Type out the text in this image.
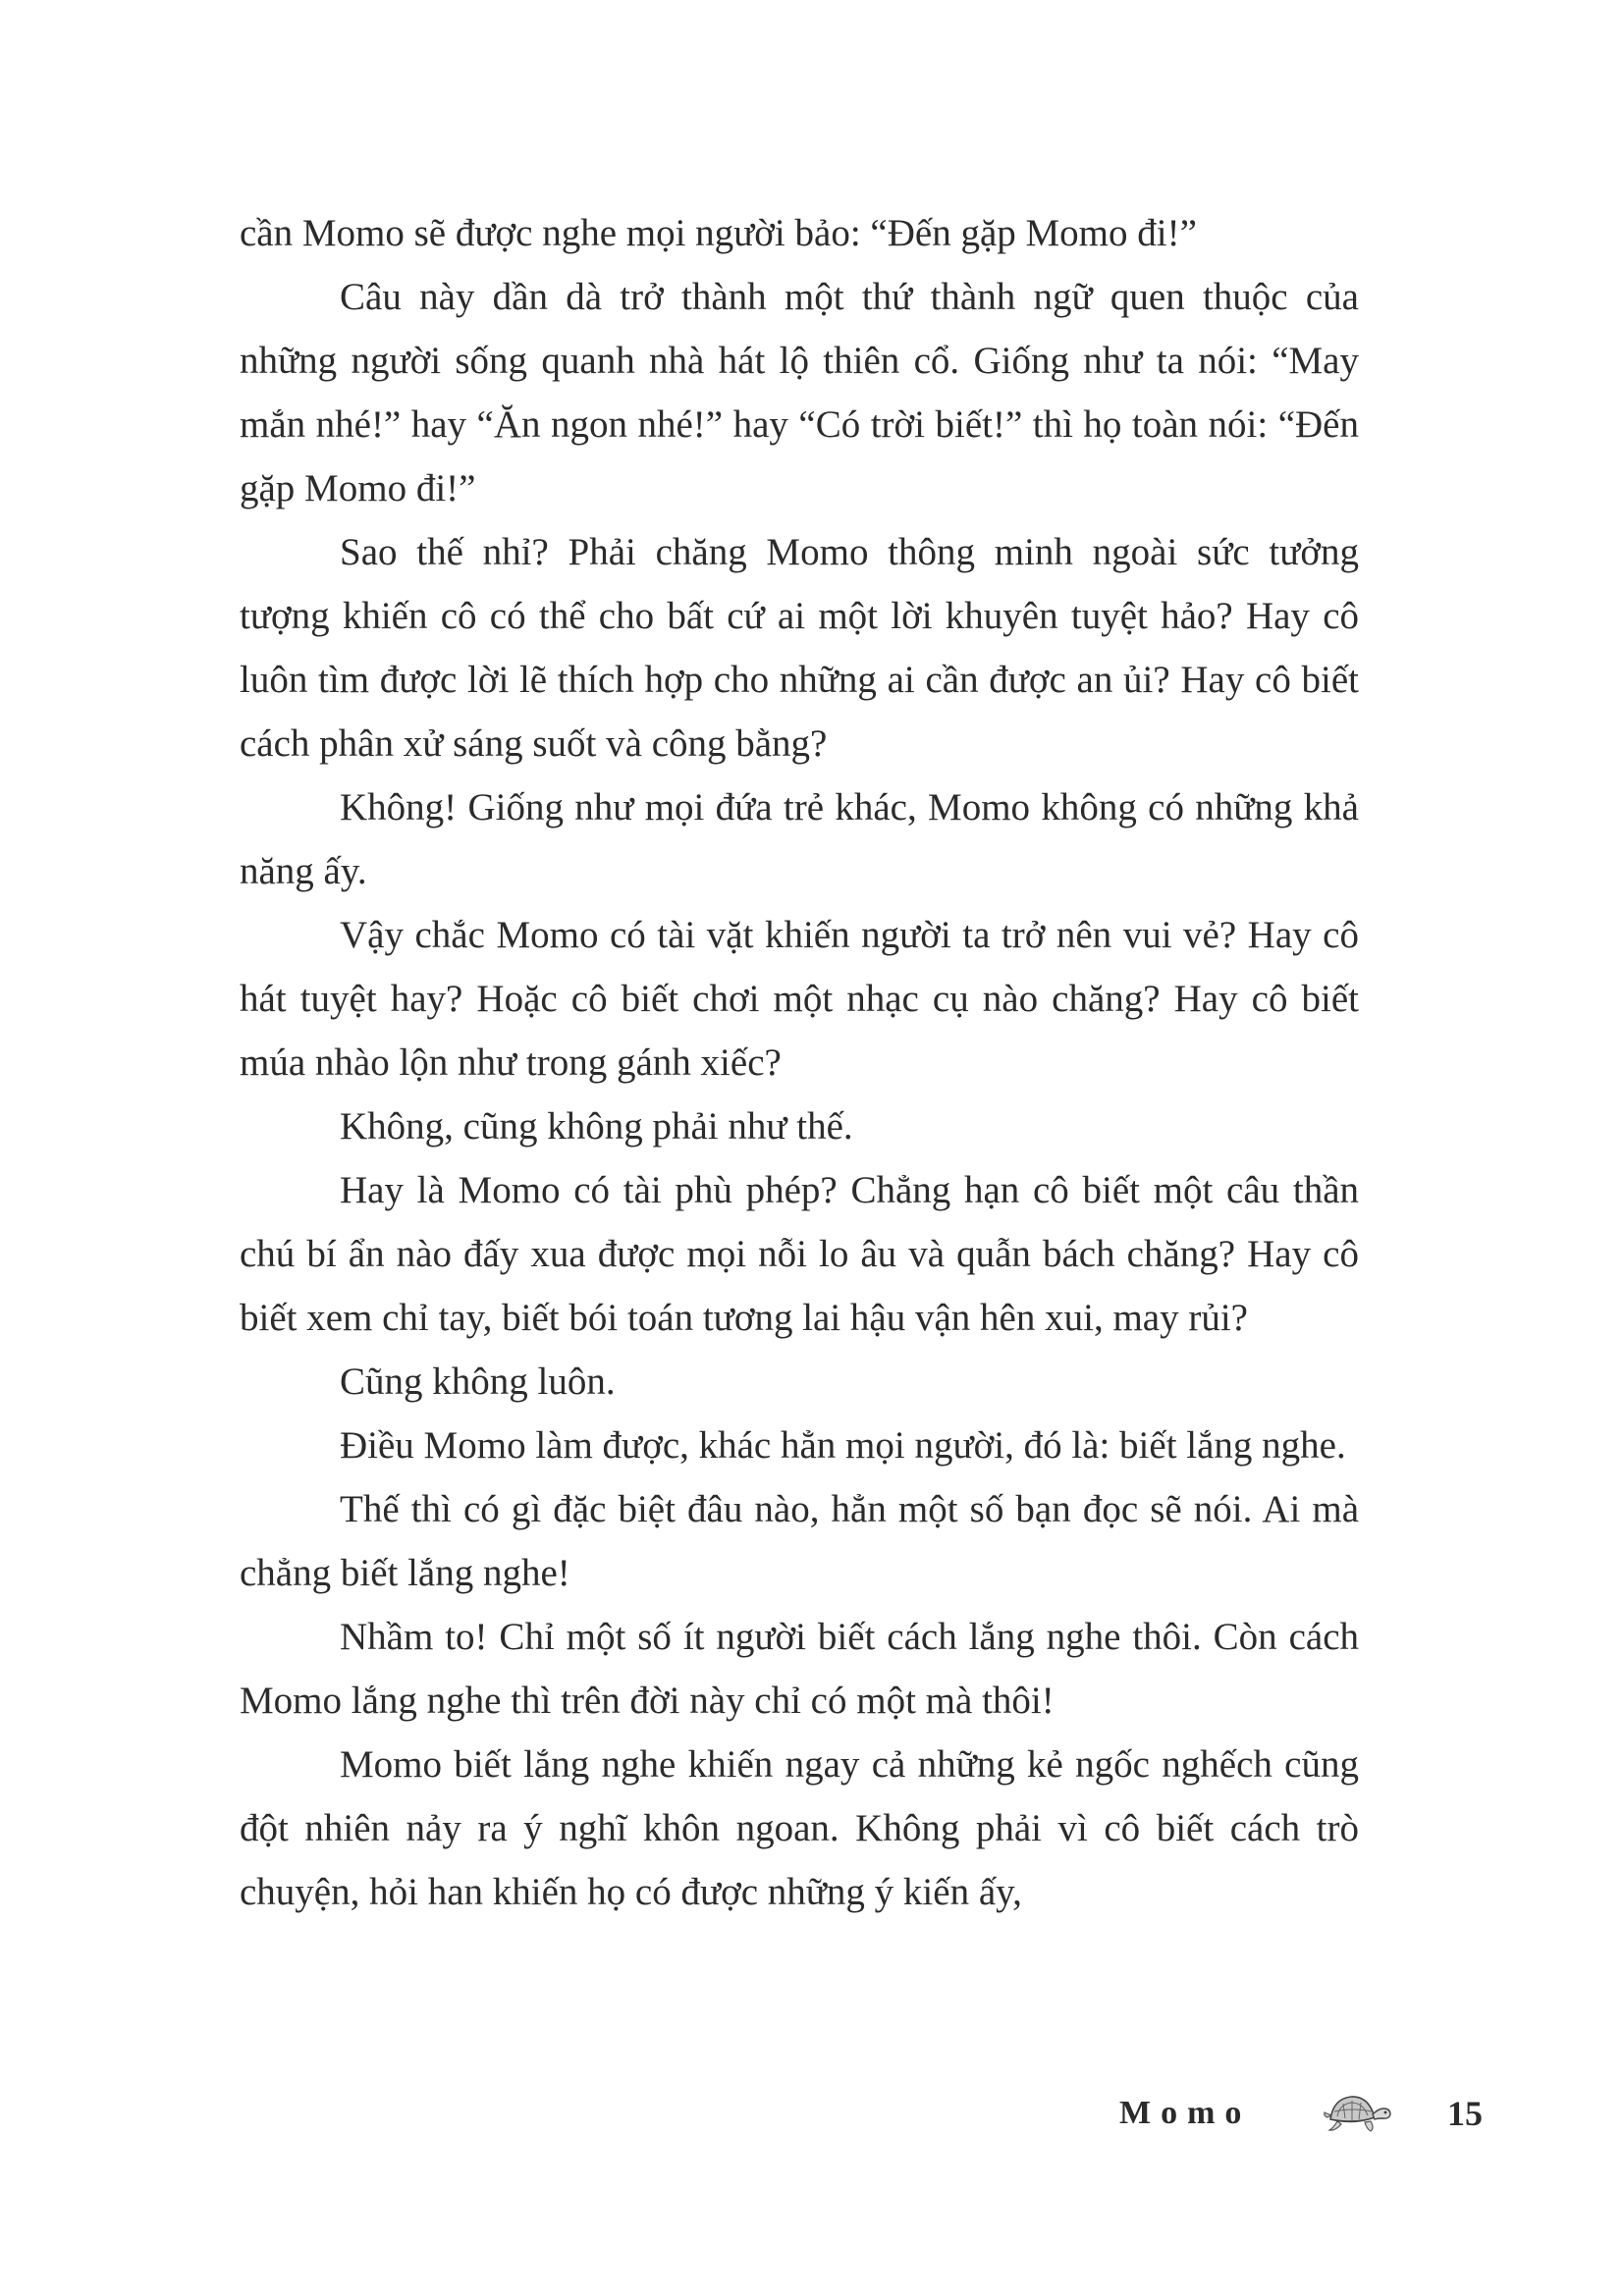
cần Momo sẽ được nghe mọi người bảo: “Đến gặp Momo đi!”

Câu này dần dà trở thành một thứ thành ngữ quen thuộc của những người sống quanh nhà hát lộ thiên cổ. Giống như ta nói: “May mắn nhé!” hay “Ăn ngon nhé!” hay “Có trời biết!” thì họ toàn nói: “Đến gặp Momo đi!”

Sao thế nhỉ? Phải chăng Momo thông minh ngoài sức tưởng tượng khiến cô có thể cho bất cứ ai một lời khuyên tuyệt hảo? Hay cô luôn tìm được lời lẽ thích hợp cho những ai cần được an ủi? Hay cô biết cách phân xử sáng suốt và công bằng?

Không! Giống như mọi đứa trẻ khác, Momo không có những khả năng ấy.

Vậy chắc Momo có tài vặt khiến người ta trở nên vui vẻ? Hay cô hát tuyệt hay? Hoặc cô biết chơi một nhạc cụ nào chăng? Hay cô biết múa nhào lộn như trong gánh xiếc?

Không, cũng không phải như thế.

Hay là Momo có tài phù phép? Chẳng hạn cô biết một câu thần chú bí ẩn nào đấy xua được mọi nỗi lo âu và quẫn bách chăng? Hay cô biết xem chỉ tay, biết bói toán tương lai hậu vận hên xui, may rủi?

Cũng không luôn.

Điều Momo làm được, khác hẳn mọi người, đó là: biết lắng nghe.

Thế thì có gì đặc biệt đâu nào, hẳn một số bạn đọc sẽ nói. Ai mà chẳng biết lắng nghe!

Nhầm to! Chỉ một số ít người biết cách lắng nghe thôi. Còn cách Momo lắng nghe thì trên đời này chỉ có một mà thôi!

Momo biết lắng nghe khiến ngay cả những kẻ ngốc nghếch cũng đột nhiên nảy ra ý nghĩ khôn ngoan. Không phải vì cô biết cách trò chuyện, hỏi han khiến họ có được những ý kiến ấy,

Momo	15
